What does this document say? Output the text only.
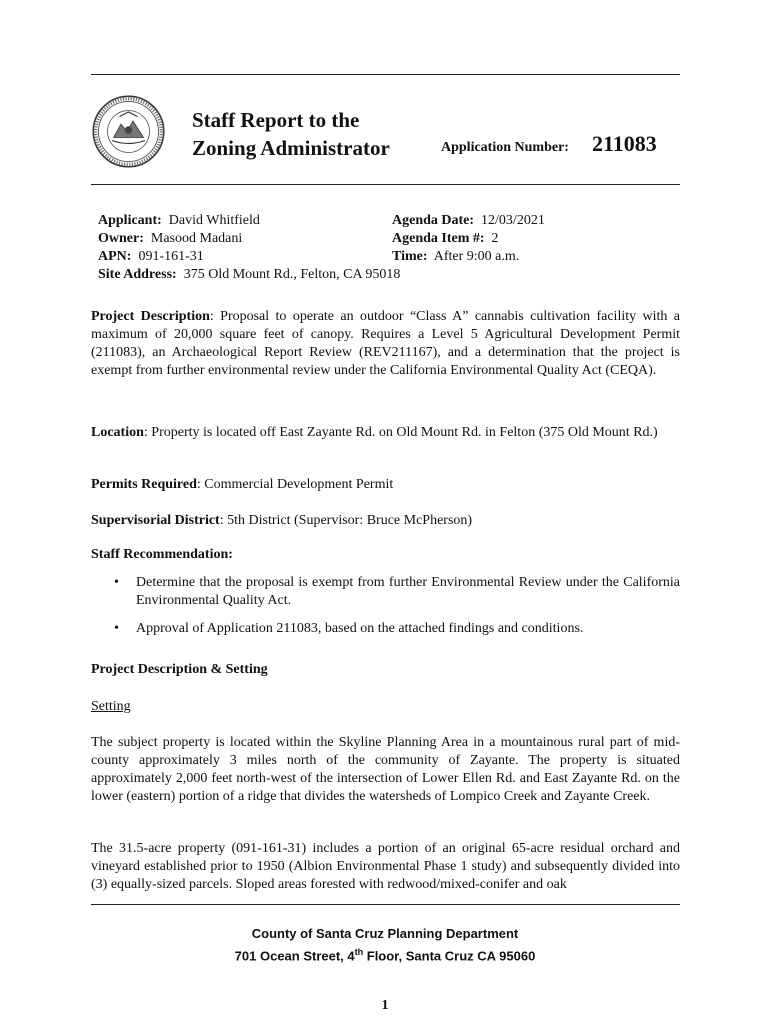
Staff Report to the
Zoning Administrator	Application Number: 211083
Applicant: David Whitfield
Owner: Masood Madani
APN: 091-161-31
Site Address: 375 Old Mount Rd., Felton, CA 95018
Agenda Date: 12/03/2021
Agenda Item #: 2
Time: After 9:00 a.m.
Project Description: Proposal to operate an outdoor “Class A” cannabis cultivation facility with a maximum of 20,000 square feet of canopy. Requires a Level 5 Agricultural Development Permit (211083), an Archaeological Report Review (REV211167), and a determination that the project is exempt from further environmental review under the California Environmental Quality Act (CEQA).
Location: Property is located off East Zayante Rd. on Old Mount Rd. in Felton (375 Old Mount Rd.)
Permits Required: Commercial Development Permit
Supervisorial District: 5th District (Supervisor: Bruce McPherson)
Staff Recommendation:
• Determine that the proposal is exempt from further Environmental Review under the California Environmental Quality Act.
• Approval of Application 211083, based on the attached findings and conditions.
Project Description & Setting
Setting
The subject property is located within the Skyline Planning Area in a mountainous rural part of mid-county approximately 3 miles north of the community of Zayante. The property is situated approximately 2,000 feet north-west of the intersection of Lower Ellen Rd. and East Zayante Rd. on the lower (eastern) portion of a ridge that divides the watersheds of Lompico Creek and Zayante Creek.
The 31.5-acre property (091-161-31) includes a portion of an original 65-acre residual orchard and vineyard established prior to 1950 (Albion Environmental Phase 1 study) and subsequently divided into (3) equally-sized parcels. Sloped areas forested with redwood/mixed-conifer and oak
County of Santa Cruz Planning Department
701 Ocean Street, 4th Floor, Santa Cruz CA 95060
1
